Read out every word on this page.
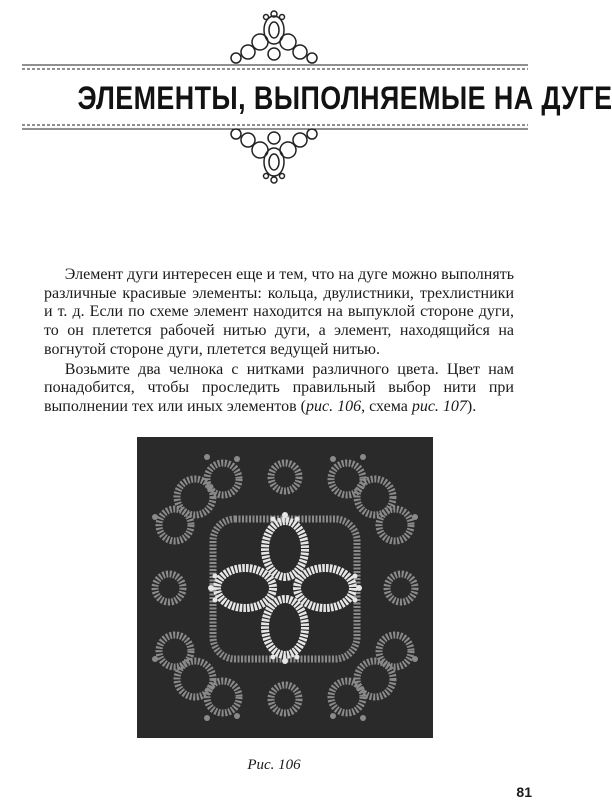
ЭЛЕМЕНТЫ, ВЫПОЛНЯЕМЫЕ НА ДУГЕ

Элемент дуги интересен еще и тем, что на дуге можно выполнять различные красивые элементы: кольца, двулистники, трехлистники и т. д. Если по схеме элемент находится на выпуклой стороне дуги, то он плетется рабочей нитью дуги, а элемент, находящийся на вогнутой стороне дуги, плетется ведущей нитью.

Возьмите два челнока с нитками различного цвета. Цвет нам понадобится, чтобы проследить правильный выбор нити при выполнении тех или иных элементов (рис. 106, схема рис. 107).

Рис. 106
81
